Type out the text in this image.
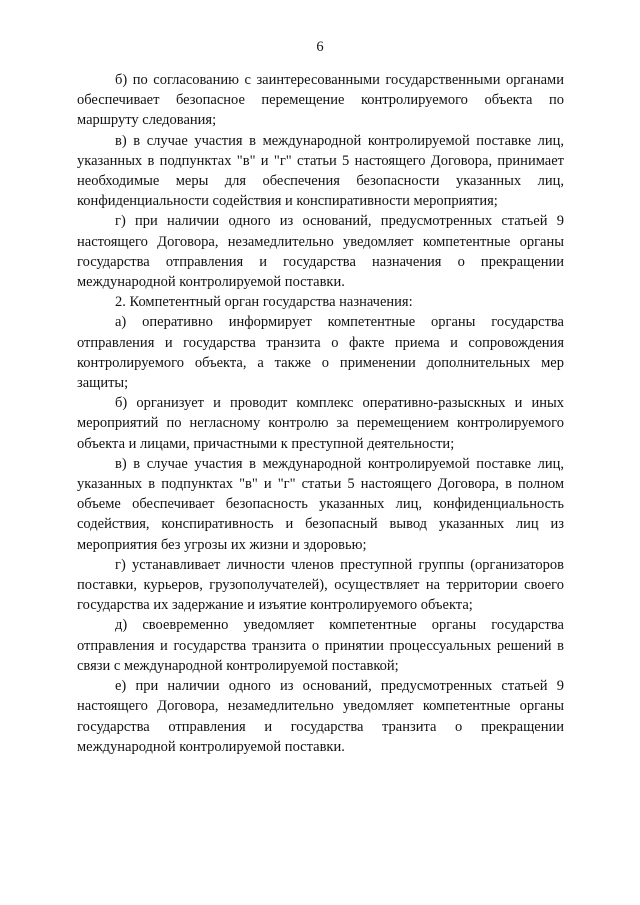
6

б) по согласованию с заинтересованными государственными органами обеспечивает безопасное перемещение контролируемого объекта по маршруту следования;

в) в случае участия в международной контролируемой поставке лиц, указанных в подпунктах "в" и "г" статьи 5 настоящего Договора, принимает необходимые меры для обеспечения безопасности указанных лиц, конфиденциальности содействия и конспиративности мероприятия;

г) при наличии одного из оснований, предусмотренных статьей 9 настоящего Договора, незамедлительно уведомляет компетентные органы государства отправления и государства назначения о прекращении международной контролируемой поставки.

2. Компетентный орган государства назначения:

а) оперативно информирует компетентные органы государства отправления и государства транзита о факте приема и сопровождения контролируемого объекта, а также о применении дополнительных мер защиты;

б) организует и проводит комплекс оперативно-разыскных и иных мероприятий по негласному контролю за перемещением контролируемого объекта и лицами, причастными к преступной деятельности;

в) в случае участия в международной контролируемой поставке лиц, указанных в подпунктах "в" и "г" статьи 5 настоящего Договора, в полном объеме обеспечивает безопасность указанных лиц, конфиденциальность содействия, конспиративность и безопасный вывод указанных лиц из мероприятия без угрозы их жизни и здоровью;

г) устанавливает личности членов преступной группы (организаторов поставки, курьеров, грузополучателей), осуществляет на территории своего государства их задержание и изъятие контролируемого объекта;

д) своевременно уведомляет компетентные органы государства отправления и государства транзита о принятии процессуальных решений в связи с международной контролируемой поставкой;

е) при наличии одного из оснований, предусмотренных статьей 9 настоящего Договора, незамедлительно уведомляет компетентные органы государства отправления и государства транзита о прекращении международной контролируемой поставки.
